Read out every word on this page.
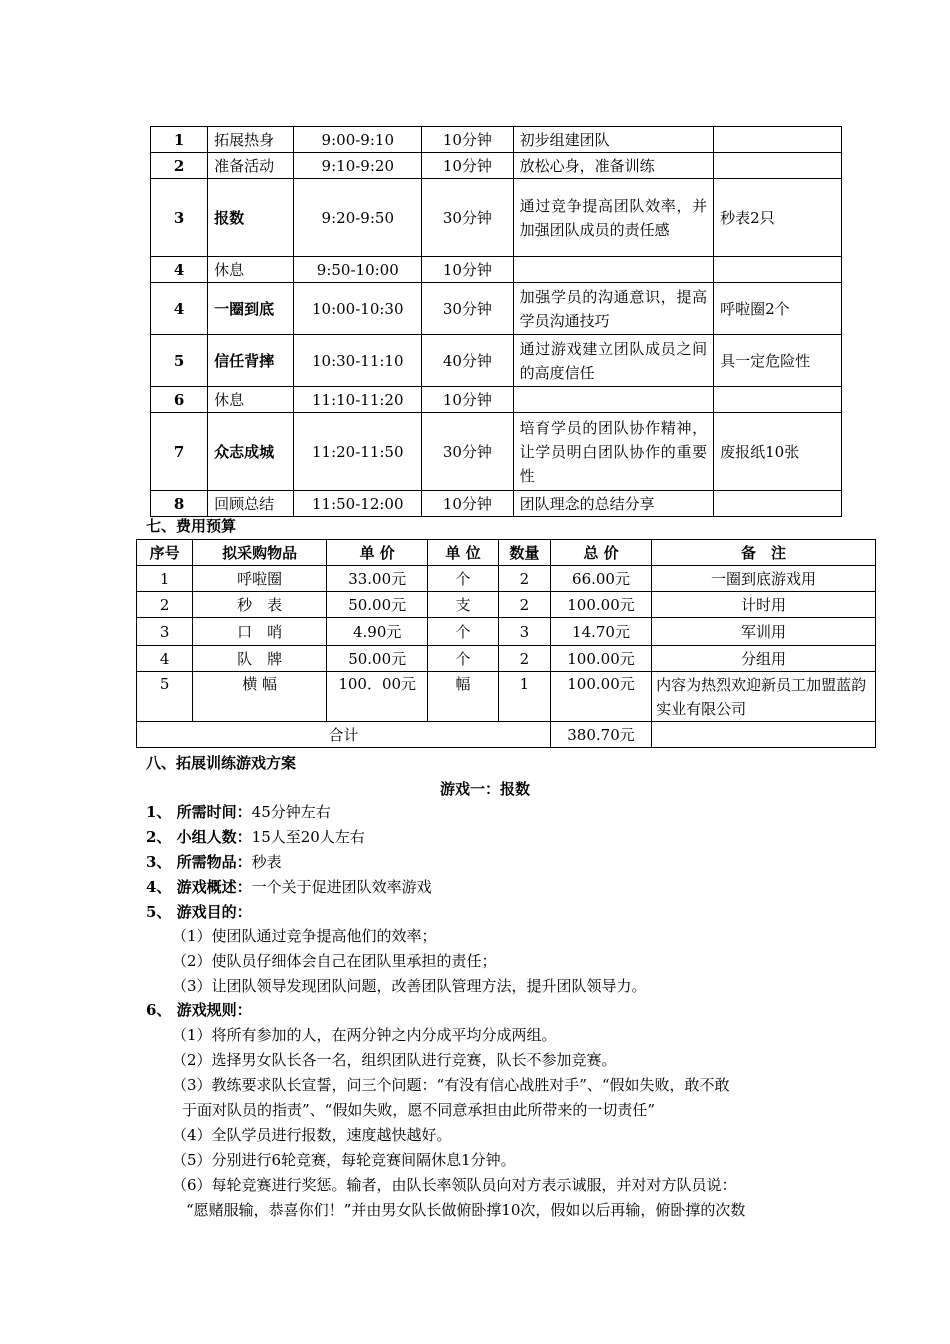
1	拓展热身	9:00-9:10	10分钟	初步组建团队	
2	准备活动	9:10-9:20	10分钟	放松心身，准备训练	
3	报数	9:20-9:50	30分钟	通过竞争提高团队效率，并加强团队成员的责任感	秒表2只
4	休息	9:50-10:00	10分钟		
4	一圈到底	10:00-10:30	30分钟	加强学员的沟通意识，提高学员沟通技巧	呼啦圈2个
5	信任背摔	10:30-11:10	40分钟	通过游戏建立团队成员之间的高度信任	具一定危险性
6	休息	11:10-11:20	10分钟		
7	众志成城	11:20-11:50	30分钟	培育学员的团队协作精神，让学员明白团队协作的重要性	废报纸10张
8	回顾总结	11:50-12:00	10分钟	团队理念的总结分享	
七、费用预算
序号	拟采购物品	单 价	单 位	数量	总 价	备　注
1	呼啦圈	33.00元	个	2	66.00元	一圈到底游戏用
2	秒　表	50.00元	支	2	100.00元	计时用
3	口　哨	4.90元	个	3	14.70元	军训用
4	队　牌	50.00元	个	2	100.00元	分组用
5	横 幅	100．00元	幅	1	100.00元	内容为热烈欢迎新员工加盟蓝韵实业有限公司
合计					380.70元	
八、拓展训练游戏方案
游戏一：报数
1、 所需时间：45分钟左右
2、 小组人数：15人至20人左右
3、 所需物品：秒表
4、 游戏概述：一个关于促进团队效率游戏
5、 游戏目的：
（1）使团队通过竞争提高他们的效率；
（2）使队员仔细体会自己在团队里承担的责任；
（3）让团队领导发现团队问题，改善团队管理方法，提升团队领导力。
6、 游戏规则：
（1）将所有参加的人，在两分钟之内分成平均分成两组。
（2）选择男女队长各一名，组织团队进行竞赛，队长不参加竞赛。
（3）教练要求队长宣誓，问三个问题：“有没有信心战胜对手”、“假如失败，敢不敢
于面对队员的指责”、“假如失败，愿不同意承担由此所带来的一切责任”
（4）全队学员进行报数，速度越快越好。
（5）分别进行6轮竞赛，每轮竞赛间隔休息1分钟。
（6）每轮竞赛进行奖惩。输者，由队长率领队员向对方表示诚服，并对对方队员说：
“愿赌服输，恭喜你们！”并由男女队长做俯卧撑10次，假如以后再输，俯卧撑的次数
